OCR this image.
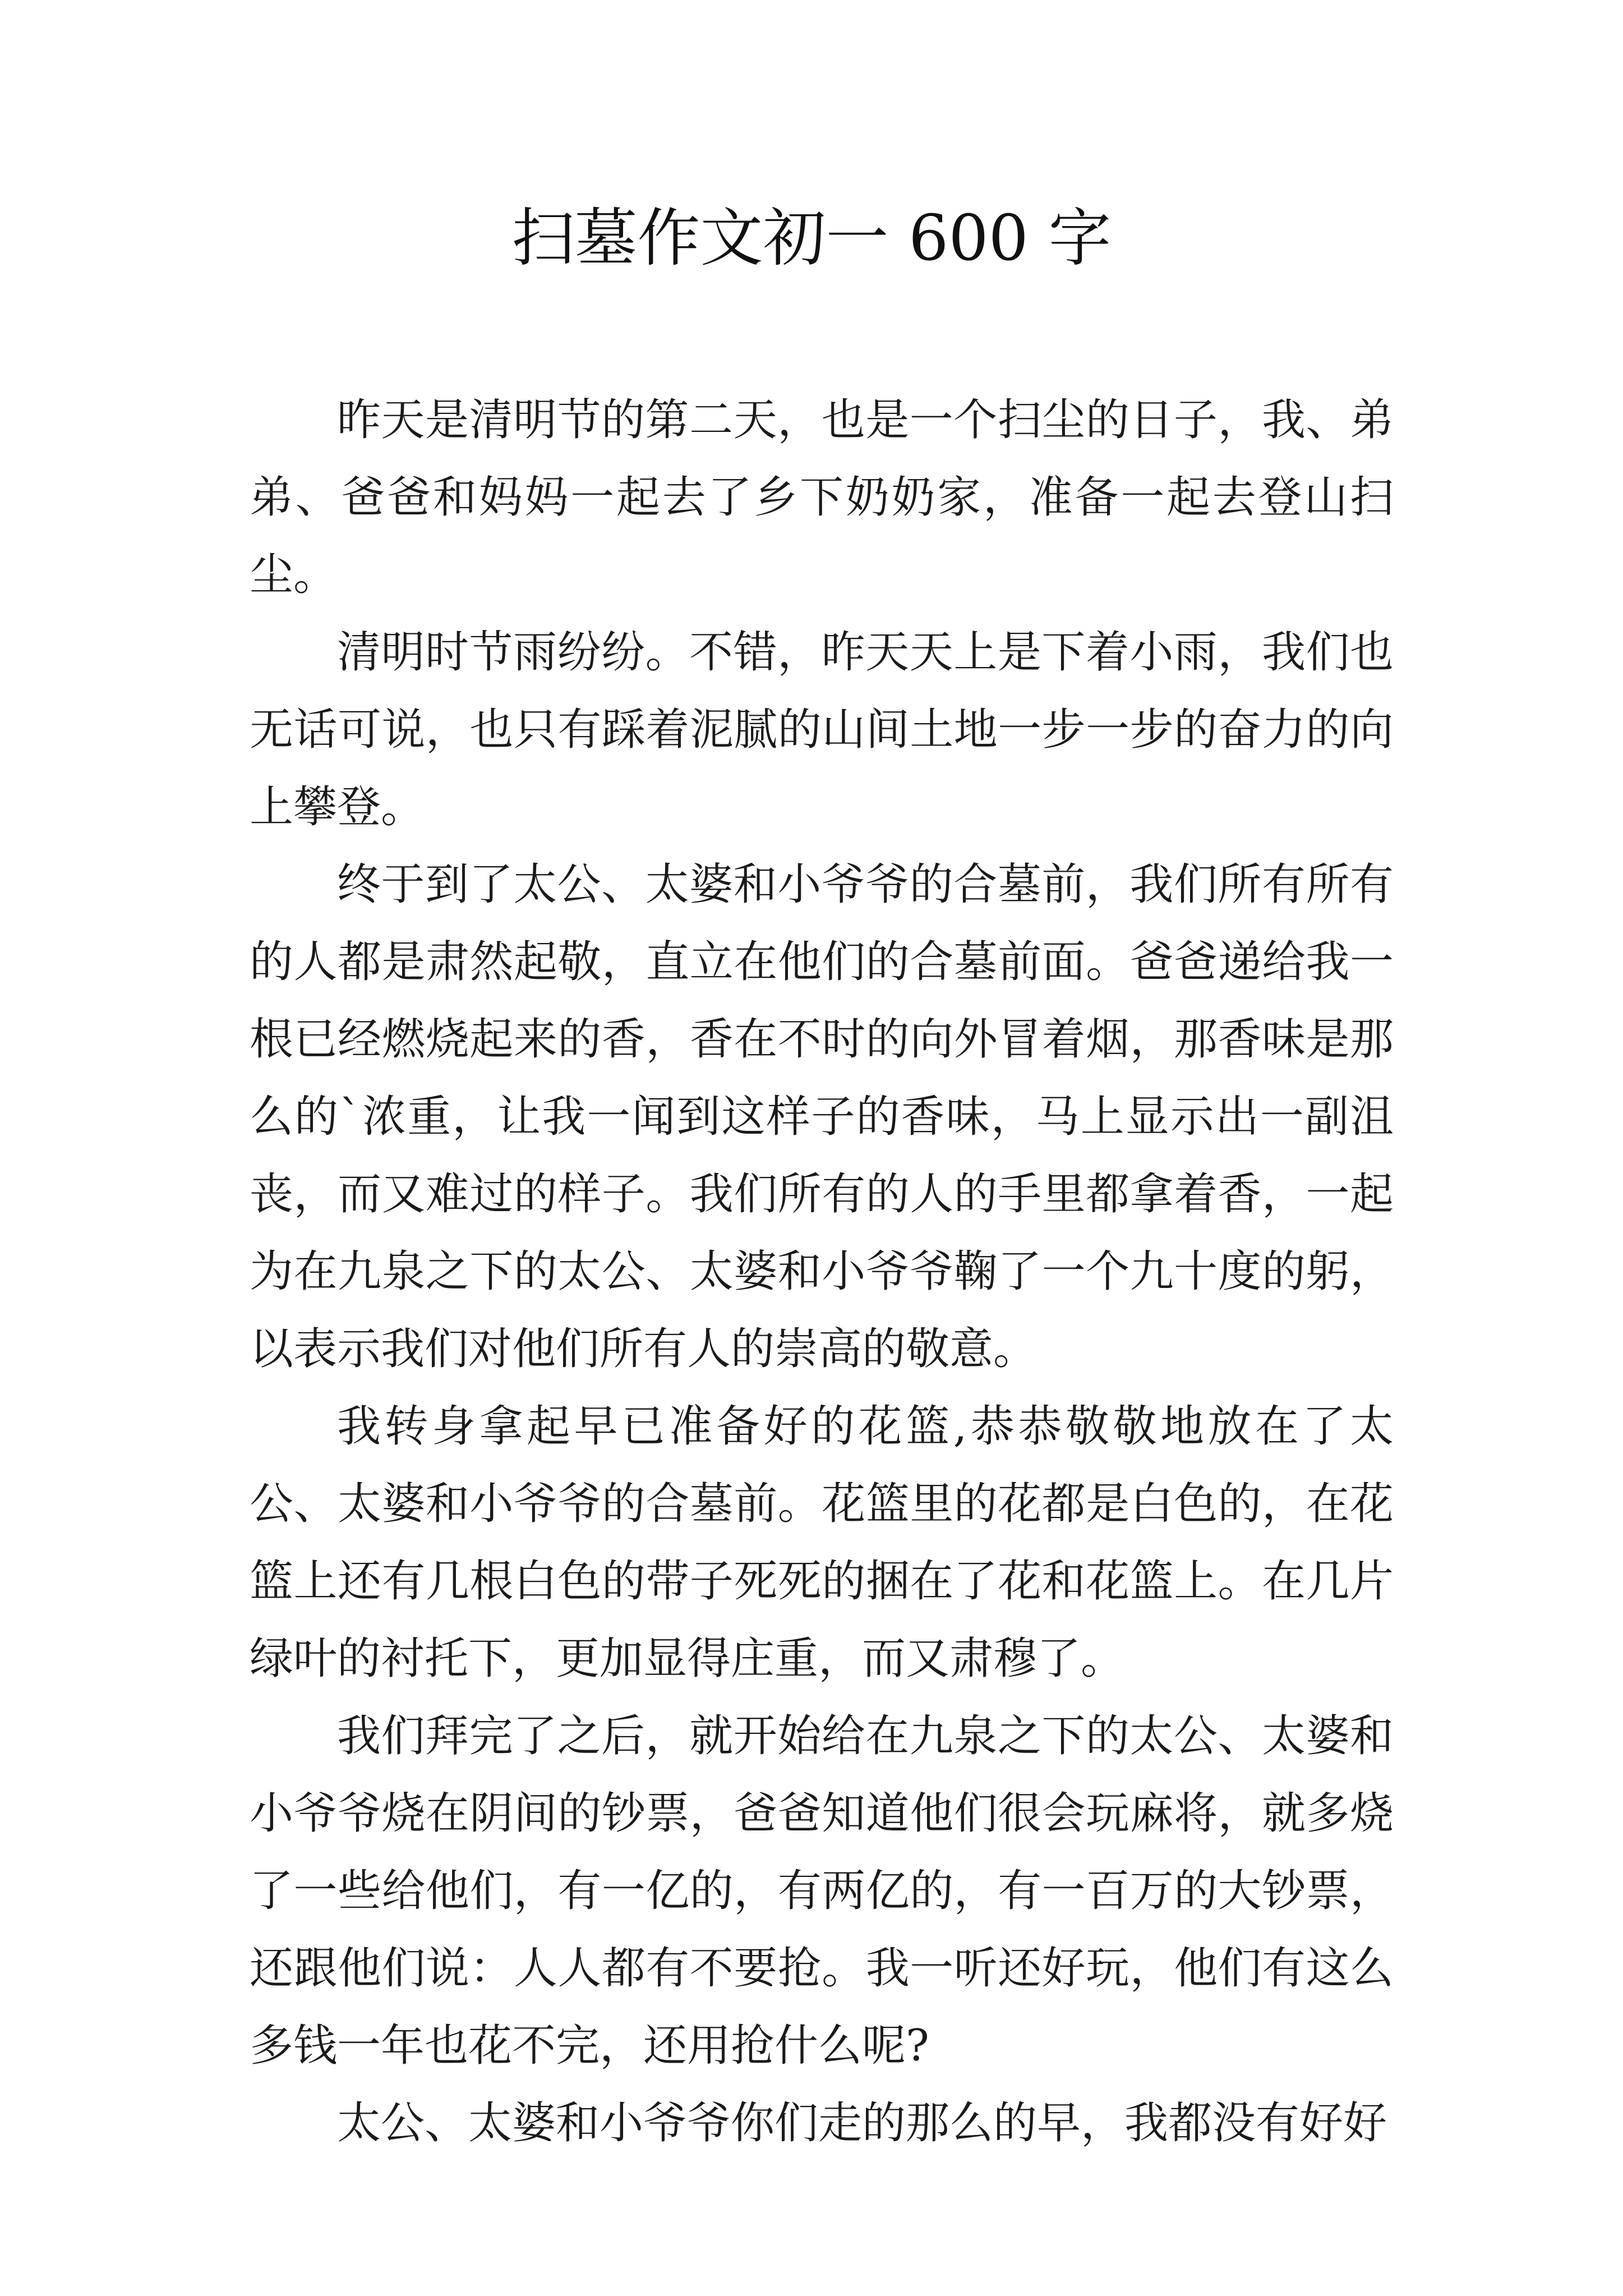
扫墓作文初一 600 字

昨天是清明节的第二天，也是一个扫尘的日子，我、弟弟、爸爸和妈妈一起去了乡下奶奶家，准备一起去登山扫尘。

清明时节雨纷纷。不错，昨天天上是下着小雨，我们也无话可说，也只有踩着泥腻的山间土地一步一步的奋力的向上攀登。

终于到了太公、太婆和小爷爷的合墓前，我们所有所有的人都是肃然起敬，直立在他们的合墓前面。爸爸递给我一根已经燃烧起来的香，香在不时的向外冒着烟，那香味是那么的`浓重，让我一闻到这样子的香味，马上显示出一副沮丧，而又难过的样子。我们所有的人的手里都拿着香，一起为在九泉之下的太公、太婆和小爷爷鞠了一个九十度的躬，以表示我们对他们所有人的崇高的敬意。

我转身拿起早已准备好的花篮,恭恭敬敬地放在了太公、太婆和小爷爷的合墓前。花篮里的花都是白色的，在花篮上还有几根白色的带子死死的捆在了花和花篮上。在几片绿叶的衬托下，更加显得庄重，而又肃穆了。

我们拜完了之后，就开始给在九泉之下的太公、太婆和小爷爷烧在阴间的钞票，爸爸知道他们很会玩麻将，就多烧了一些给他们，有一亿的，有两亿的，有一百万的大钞票，还跟他们说：人人都有不要抢。我一听还好玩，他们有这么多钱一年也花不完，还用抢什么呢?

太公、太婆和小爷爷你们走的那么的早，我都没有好好
